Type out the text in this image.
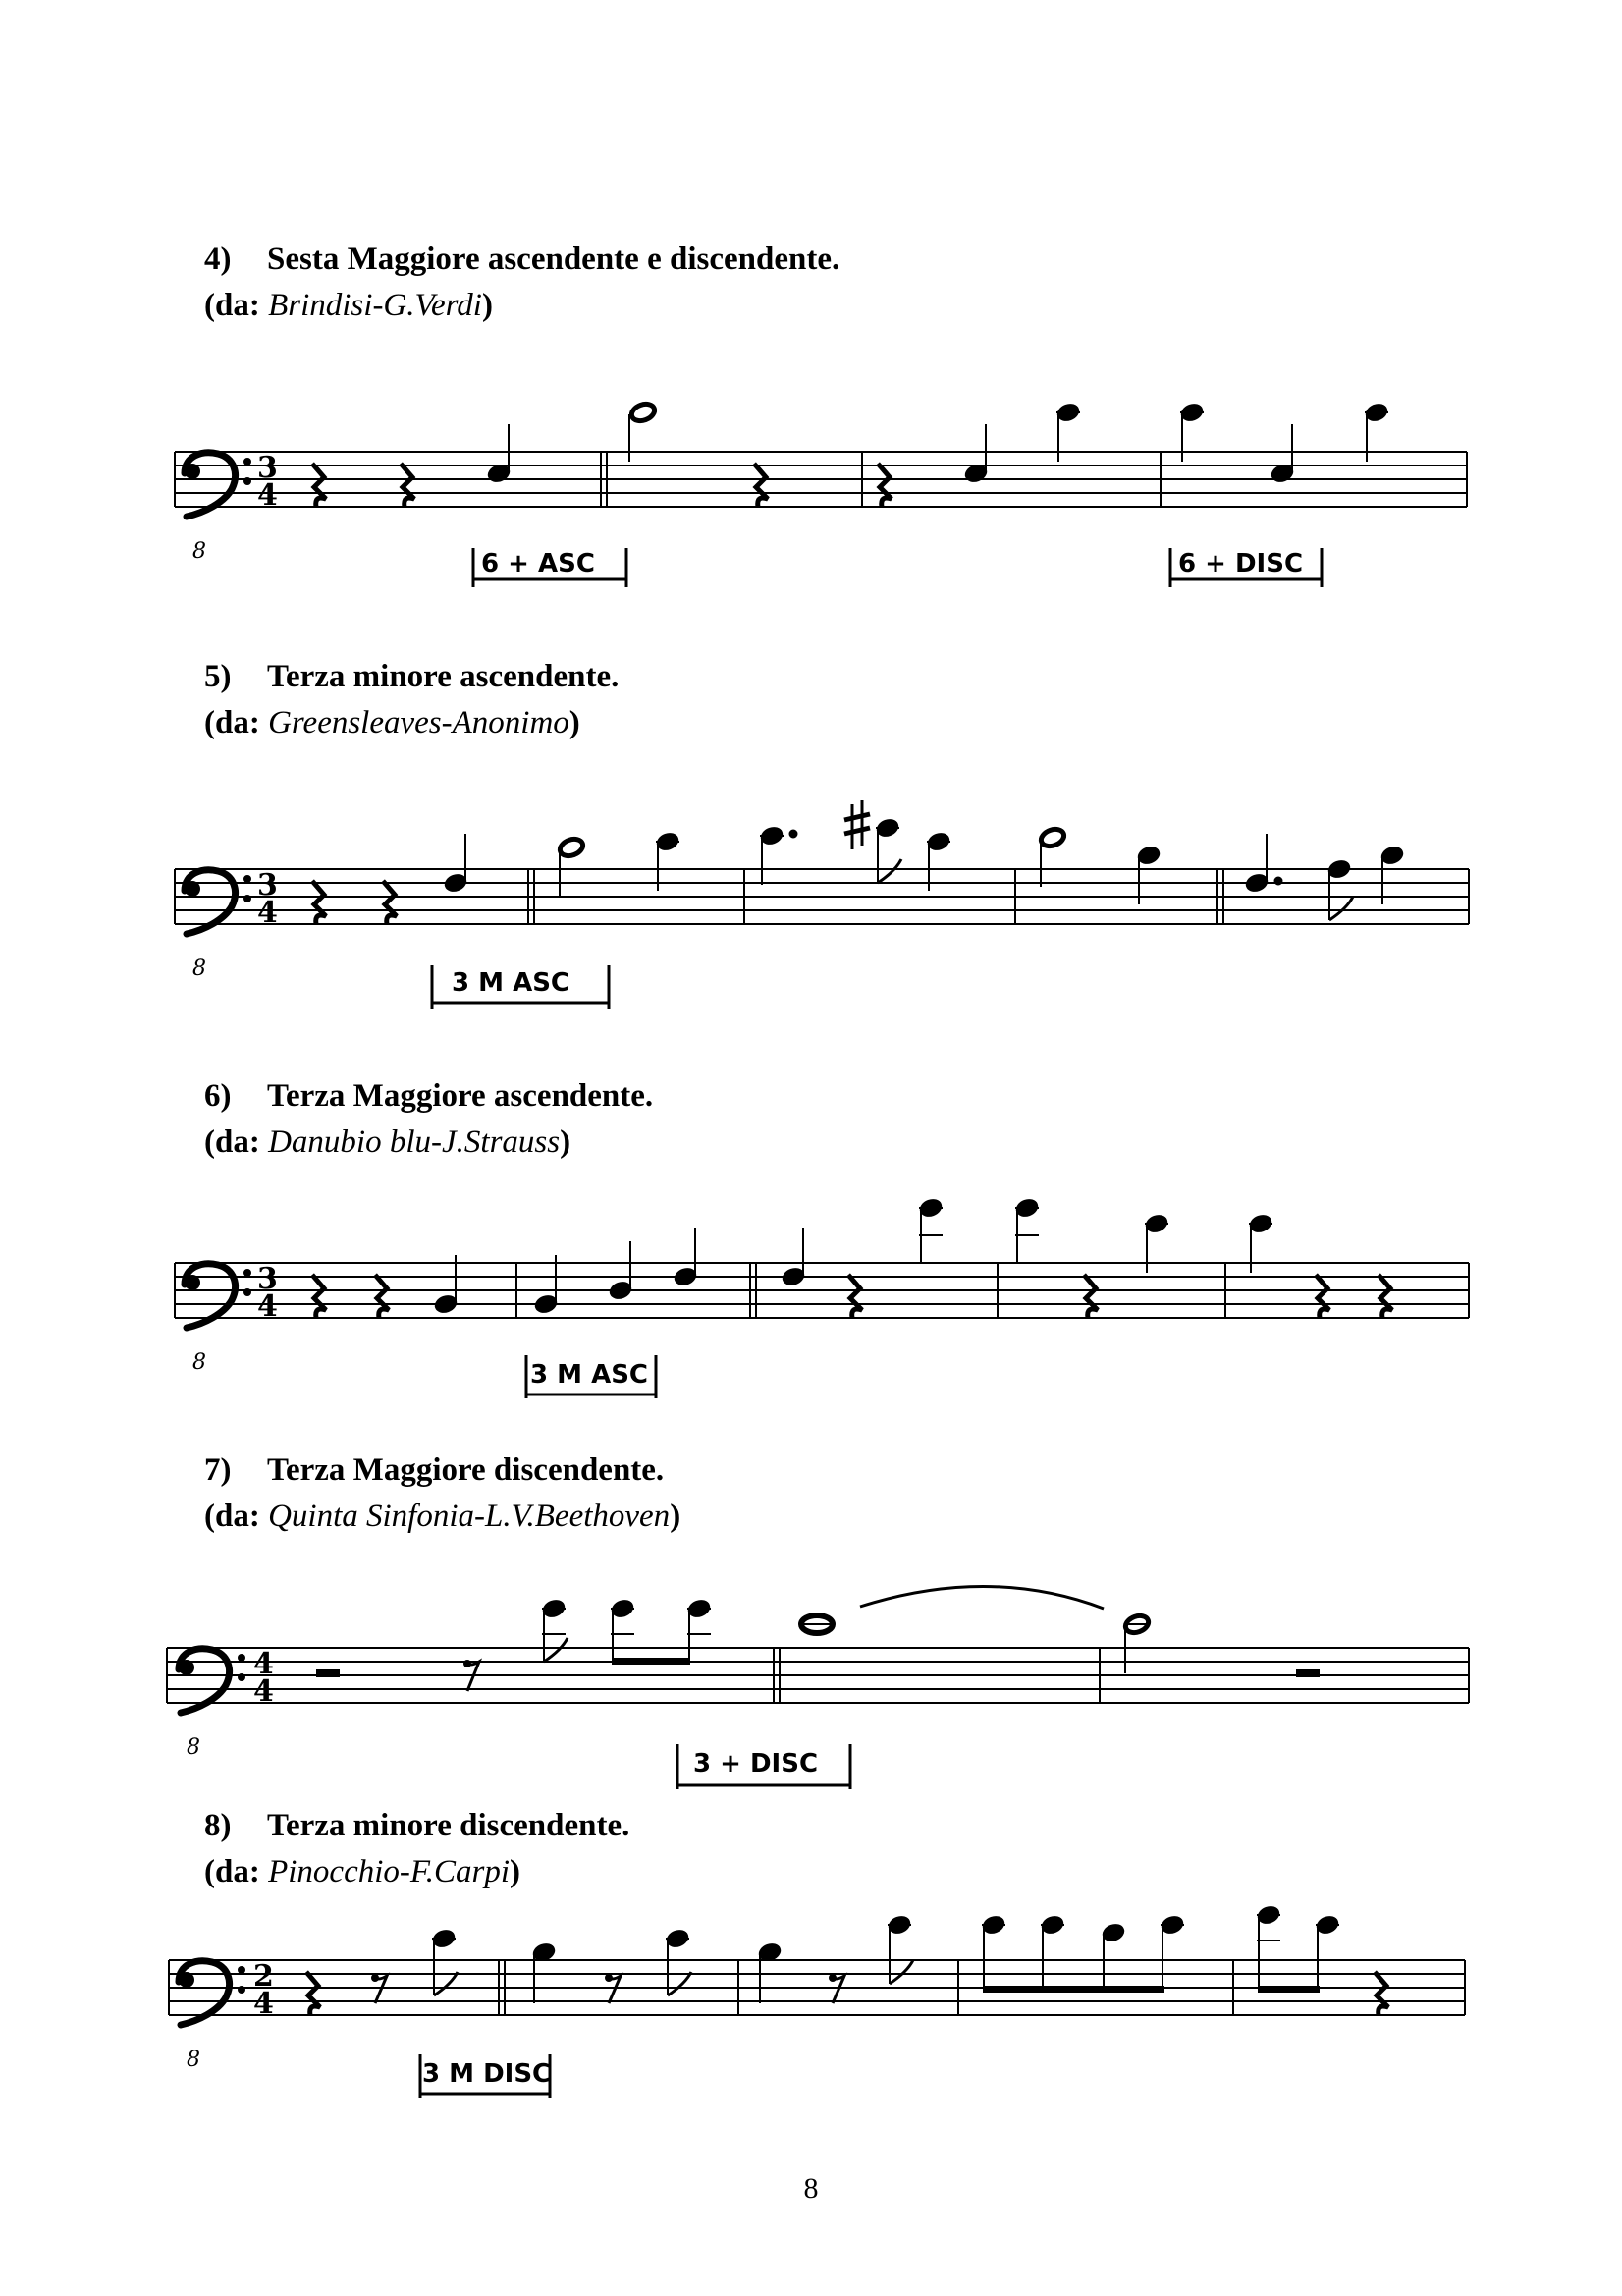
4) Sesta Maggiore ascendente e discendente.
(da: Brindisi-G.Verdi)
3
4
8	6 + ASC	6 + DISC
5) Terza minore ascendente.
(da: Greensleaves-Anonimo)
3
4
8	3 M ASC
6) Terza Maggiore ascendente.
(da: Danubio blu-J.Strauss)
3
4
8	3 M ASC
7) Terza Maggiore discendente.
(da: Quinta Sinfonia-L.V.Beethoven)
4
4
8
3 + DISC
8) Terza minore discendente.
(da: Pinocchio-F.Carpi)
2
4
8	3 M DISC
8
